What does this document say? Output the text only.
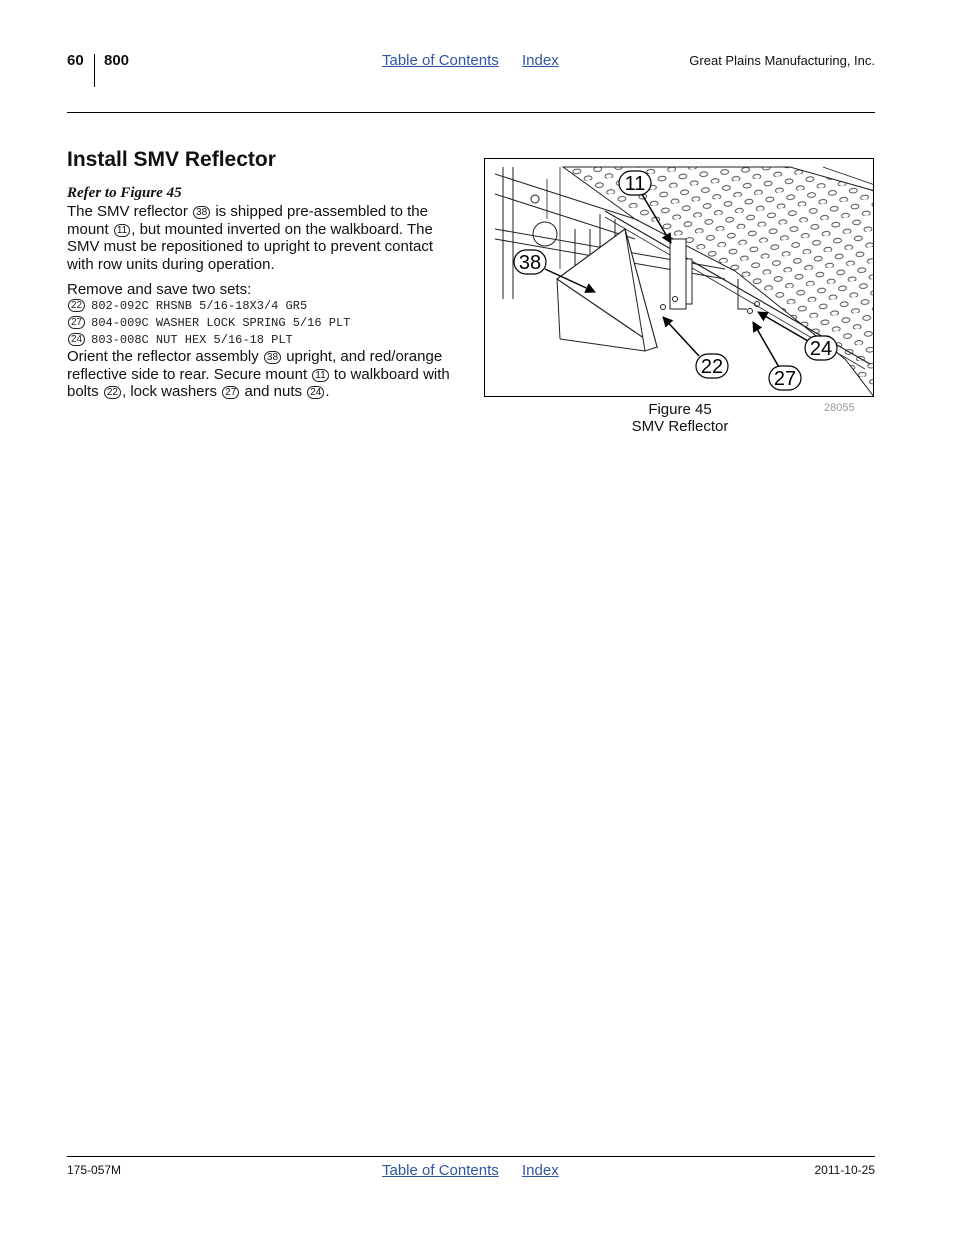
60 800	Table of Contents Index	Great Plains Manufacturing, Inc.
Install SMV Reflector
Refer to Figure 45
The SMV reflector 38 is shipped pre-assembled to the mount 11 , but mounted inverted on the walkboard. The SMV must be repositioned to upright to prevent contact with row units during operation.
Remove and save two sets:
22 802-092C RHSNB 5/16-18X3/4 GR5
27 804-009C WASHER LOCK SPRING 5/16 PLT
24 803-008C NUT HEX 5/16-18 PLT
Orient the reflector assembly 38 upright, and red/orange reflective side to rear. Secure mount 11 to walkboard with bolts 22 , lock washers 27 and nuts 24 .
11
38
22
24
27
Figure 45
SMV Reflector
28055
175-057M	Table of Contents Index	2011-10-25
